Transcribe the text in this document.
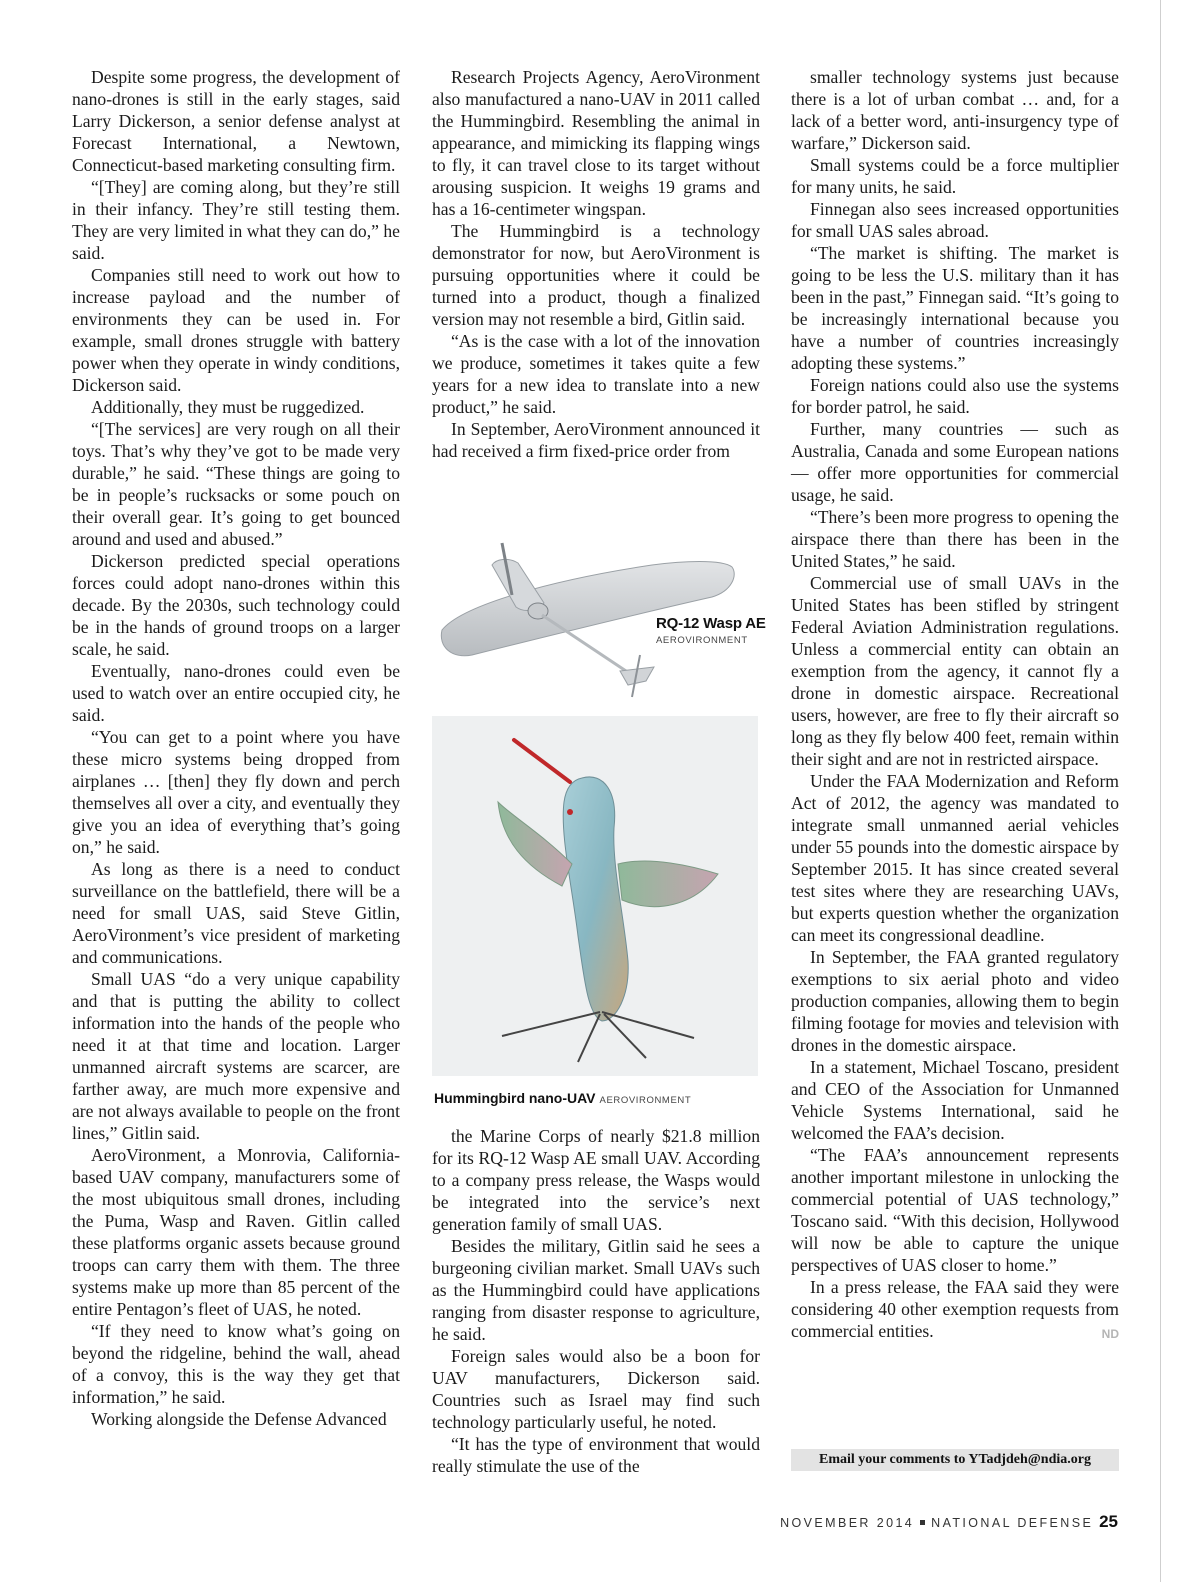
Despite some progress, the development of nano-drones is still in the early stages, said Larry Dickerson, a senior defense analyst at Forecast International, a Newtown, Connecticut-based marketing consulting firm.

“[They] are coming along, but they’re still in their infancy. They’re still testing them. They are very limited in what they can do,” he said.

Companies still need to work out how to increase payload and the number of environments they can be used in. For example, small drones struggle with battery power when they operate in windy conditions, Dickerson said.

Additionally, they must be ruggedized.

“[The services] are very rough on all their toys. That’s why they’ve got to be made very durable,” he said. “These things are going to be in people’s rucksacks or some pouch on their overall gear. It’s going to get bounced around and used and abused.”

Dickerson predicted special operations forces could adopt nano-drones within this decade. By the 2030s, such technology could be in the hands of ground troops on a larger scale, he said.

Eventually, nano-drones could even be used to watch over an entire occupied city, he said.

“You can get to a point where you have these micro systems being dropped from airplanes … [then] they fly down and perch themselves all over a city, and eventually they give you an idea of everything that’s going on,” he said.

As long as there is a need to conduct surveillance on the battlefield, there will be a need for small UAS, said Steve Gitlin, AeroVironment’s vice president of marketing and communications.

Small UAS “do a very unique capability and that is putting the ability to collect information into the hands of the people who need it at that time and location. Larger unmanned aircraft systems are scarcer, are farther away, are much more expensive and are not always available to people on the front lines,” Gitlin said.

AeroVironment, a Monrovia, California-based UAV company, manufacturers some of the most ubiquitous small drones, including the Puma, Wasp and Raven. Gitlin called these platforms organic assets because ground troops can carry them with them. The three systems make up more than 85 percent of the entire Pentagon’s fleet of UAS, he noted.

“If they need to know what’s going on beyond the ridgeline, behind the wall, ahead of a convoy, this is the way they get that information,” he said.

Working alongside the Defense Advanced

Research Projects Agency, AeroVironment also manufactured a nano-UAV in 2011 called the Hummingbird. Resembling the animal in appearance, and mimicking its flapping wings to fly, it can travel close to its target without arousing suspicion. It weighs 19 grams and has a 16-centimeter wingspan.

The Hummingbird is a technology demonstrator for now, but AeroVironment is pursuing opportunities where it could be turned into a product, though a finalized version may not resemble a bird, Gitlin said.

“As is the case with a lot of the innovation we produce, sometimes it takes quite a few years for a new idea to translate into a new product,” he said.

In September, AeroVironment announced it had received a firm fixed-price order from

RQ-12 Wasp AE
AEROVIRONMENT
Hummingbird nano-UAV AEROVIRONMENT

the Marine Corps of nearly $21.8 million for its RQ-12 Wasp AE small UAV. According to a company press release, the Wasps would be integrated into the service’s next generation family of small UAS.

Besides the military, Gitlin said he sees a burgeoning civilian market. Small UAVs such as the Hummingbird could have applications ranging from disaster response to agriculture, he said.

Foreign sales would also be a boon for UAV manufacturers, Dickerson said. Countries such as Israel may find such technology particularly useful, he noted.

“It has the type of environment that would really stimulate the use of the

smaller technology systems just because there is a lot of urban combat … and, for a lack of a better word, anti-insurgency type of warfare,” Dickerson said.

Small systems could be a force multiplier for many units, he said.

Finnegan also sees increased opportunities for small UAS sales abroad.

“The market is shifting. The market is going to be less the U.S. military than it has been in the past,” Finnegan said. “It’s going to be increasingly international because you have a number of countries increasingly adopting these systems.”

Foreign nations could also use the systems for border patrol, he said.

Further, many countries — such as Australia, Canada and some European nations — offer more opportunities for commercial usage, he said.

“There’s been more progress to opening the airspace there than there has been in the United States,” he said.

Commercial use of small UAVs in the United States has been stifled by stringent Federal Aviation Administration regulations. Unless a commercial entity can obtain an exemption from the agency, it cannot fly a drone in domestic airspace. Recreational users, however, are free to fly their aircraft so long as they fly below 400 feet, remain within their sight and are not in restricted airspace.

Under the FAA Modernization and Reform Act of 2012, the agency was mandated to integrate small unmanned aerial vehicles under 55 pounds into the domestic airspace by September 2015. It has since created several test sites where they are researching UAVs, but experts question whether the organization can meet its congressional deadline.

In September, the FAA granted regulatory exemptions to six aerial photo and video production companies, allowing them to begin filming footage for movies and television with drones in the domestic airspace.

In a statement, Michael Toscano, president and CEO of the Association for Unmanned Vehicle Systems International, said he welcomed the FAA’s decision.

“The FAA’s announcement represents another important milestone in unlocking the commercial potential of UAS technology,” Toscano said. “With this decision, Hollywood will now be able to capture the unique perspectives of UAS closer to home.”

In a press release, the FAA said they were considering 40 other exemption requests from commercial entities.	ND

Email your comments to YTadjdeh@ndia.org
NOVEMBER 2014 NATIONAL DEFENSE 25
